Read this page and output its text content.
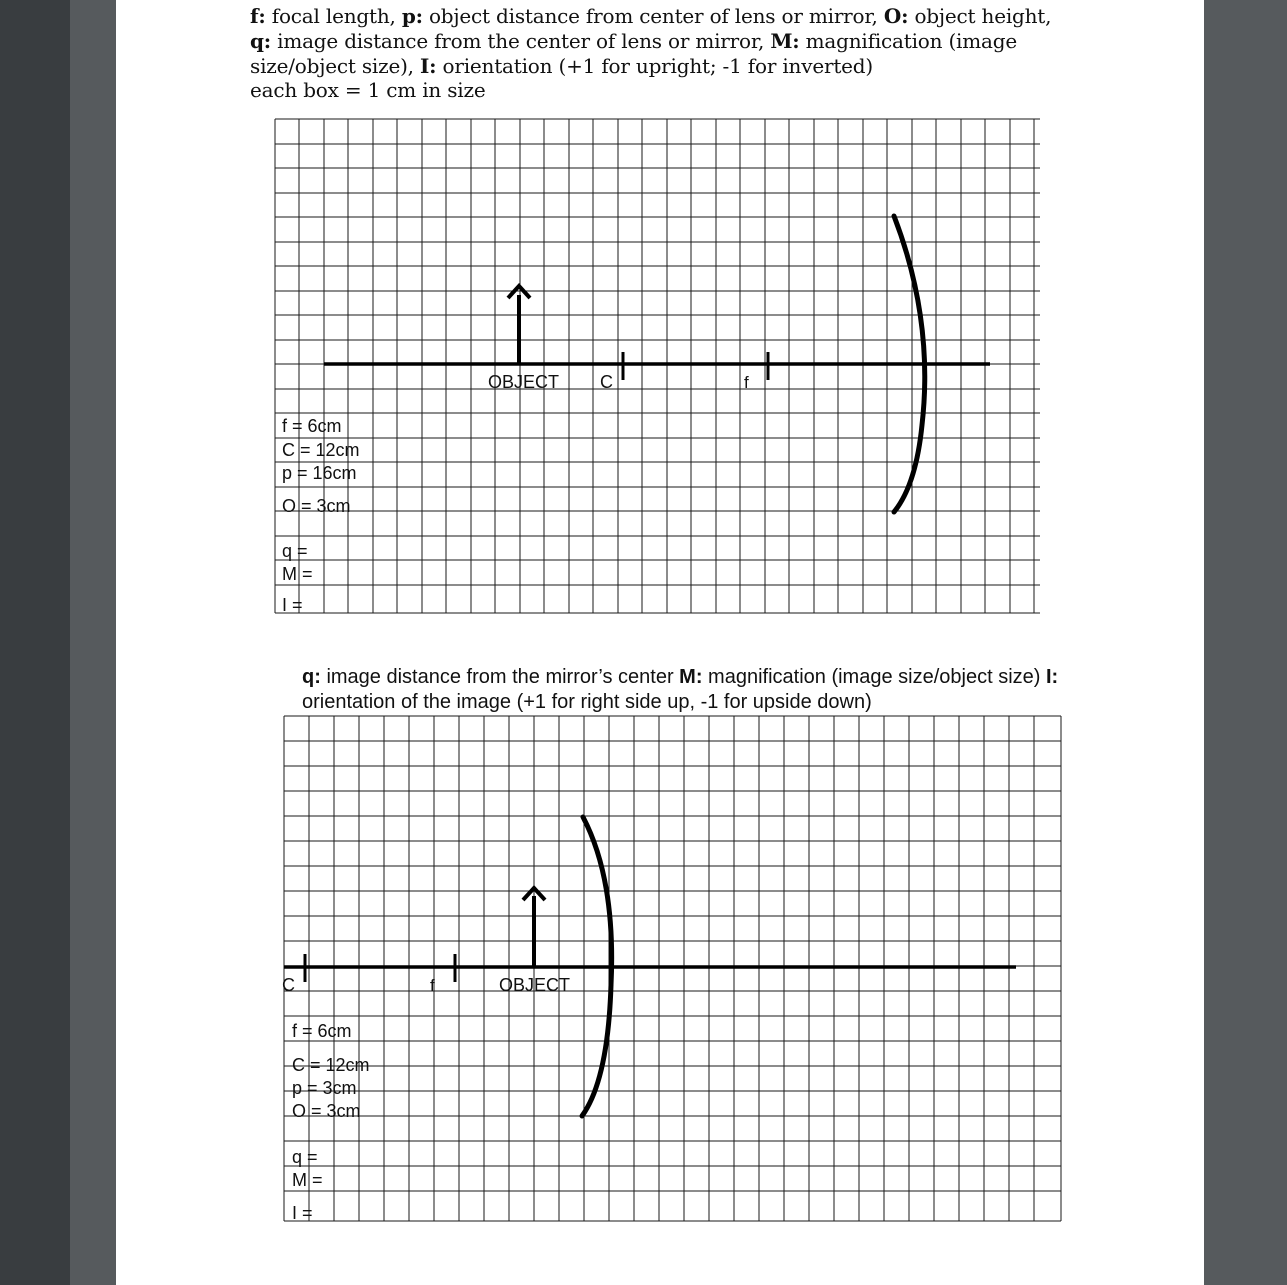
f: focal length, p: object distance from center of lens or mirror, O: object height, q: image distance from the center of lens or mirror, M: magnification (image size/object size), I: orientation (+1 for upright; -1 for inverted)
each box = 1 cm in size

OBJECT C	f
f = 6cm
C = 12cm
p = 16cm
O = 3cm
q =
M =
I =

q: image distance from the mirror’s center M: magnification (image size/object size) I: orientation of the image (+1 for right side up, -1 for upside down)

C	f	OBJECT
f = 6cm
C = 12cm
p = 3cm
O = 3cm
q =
M =
I =
